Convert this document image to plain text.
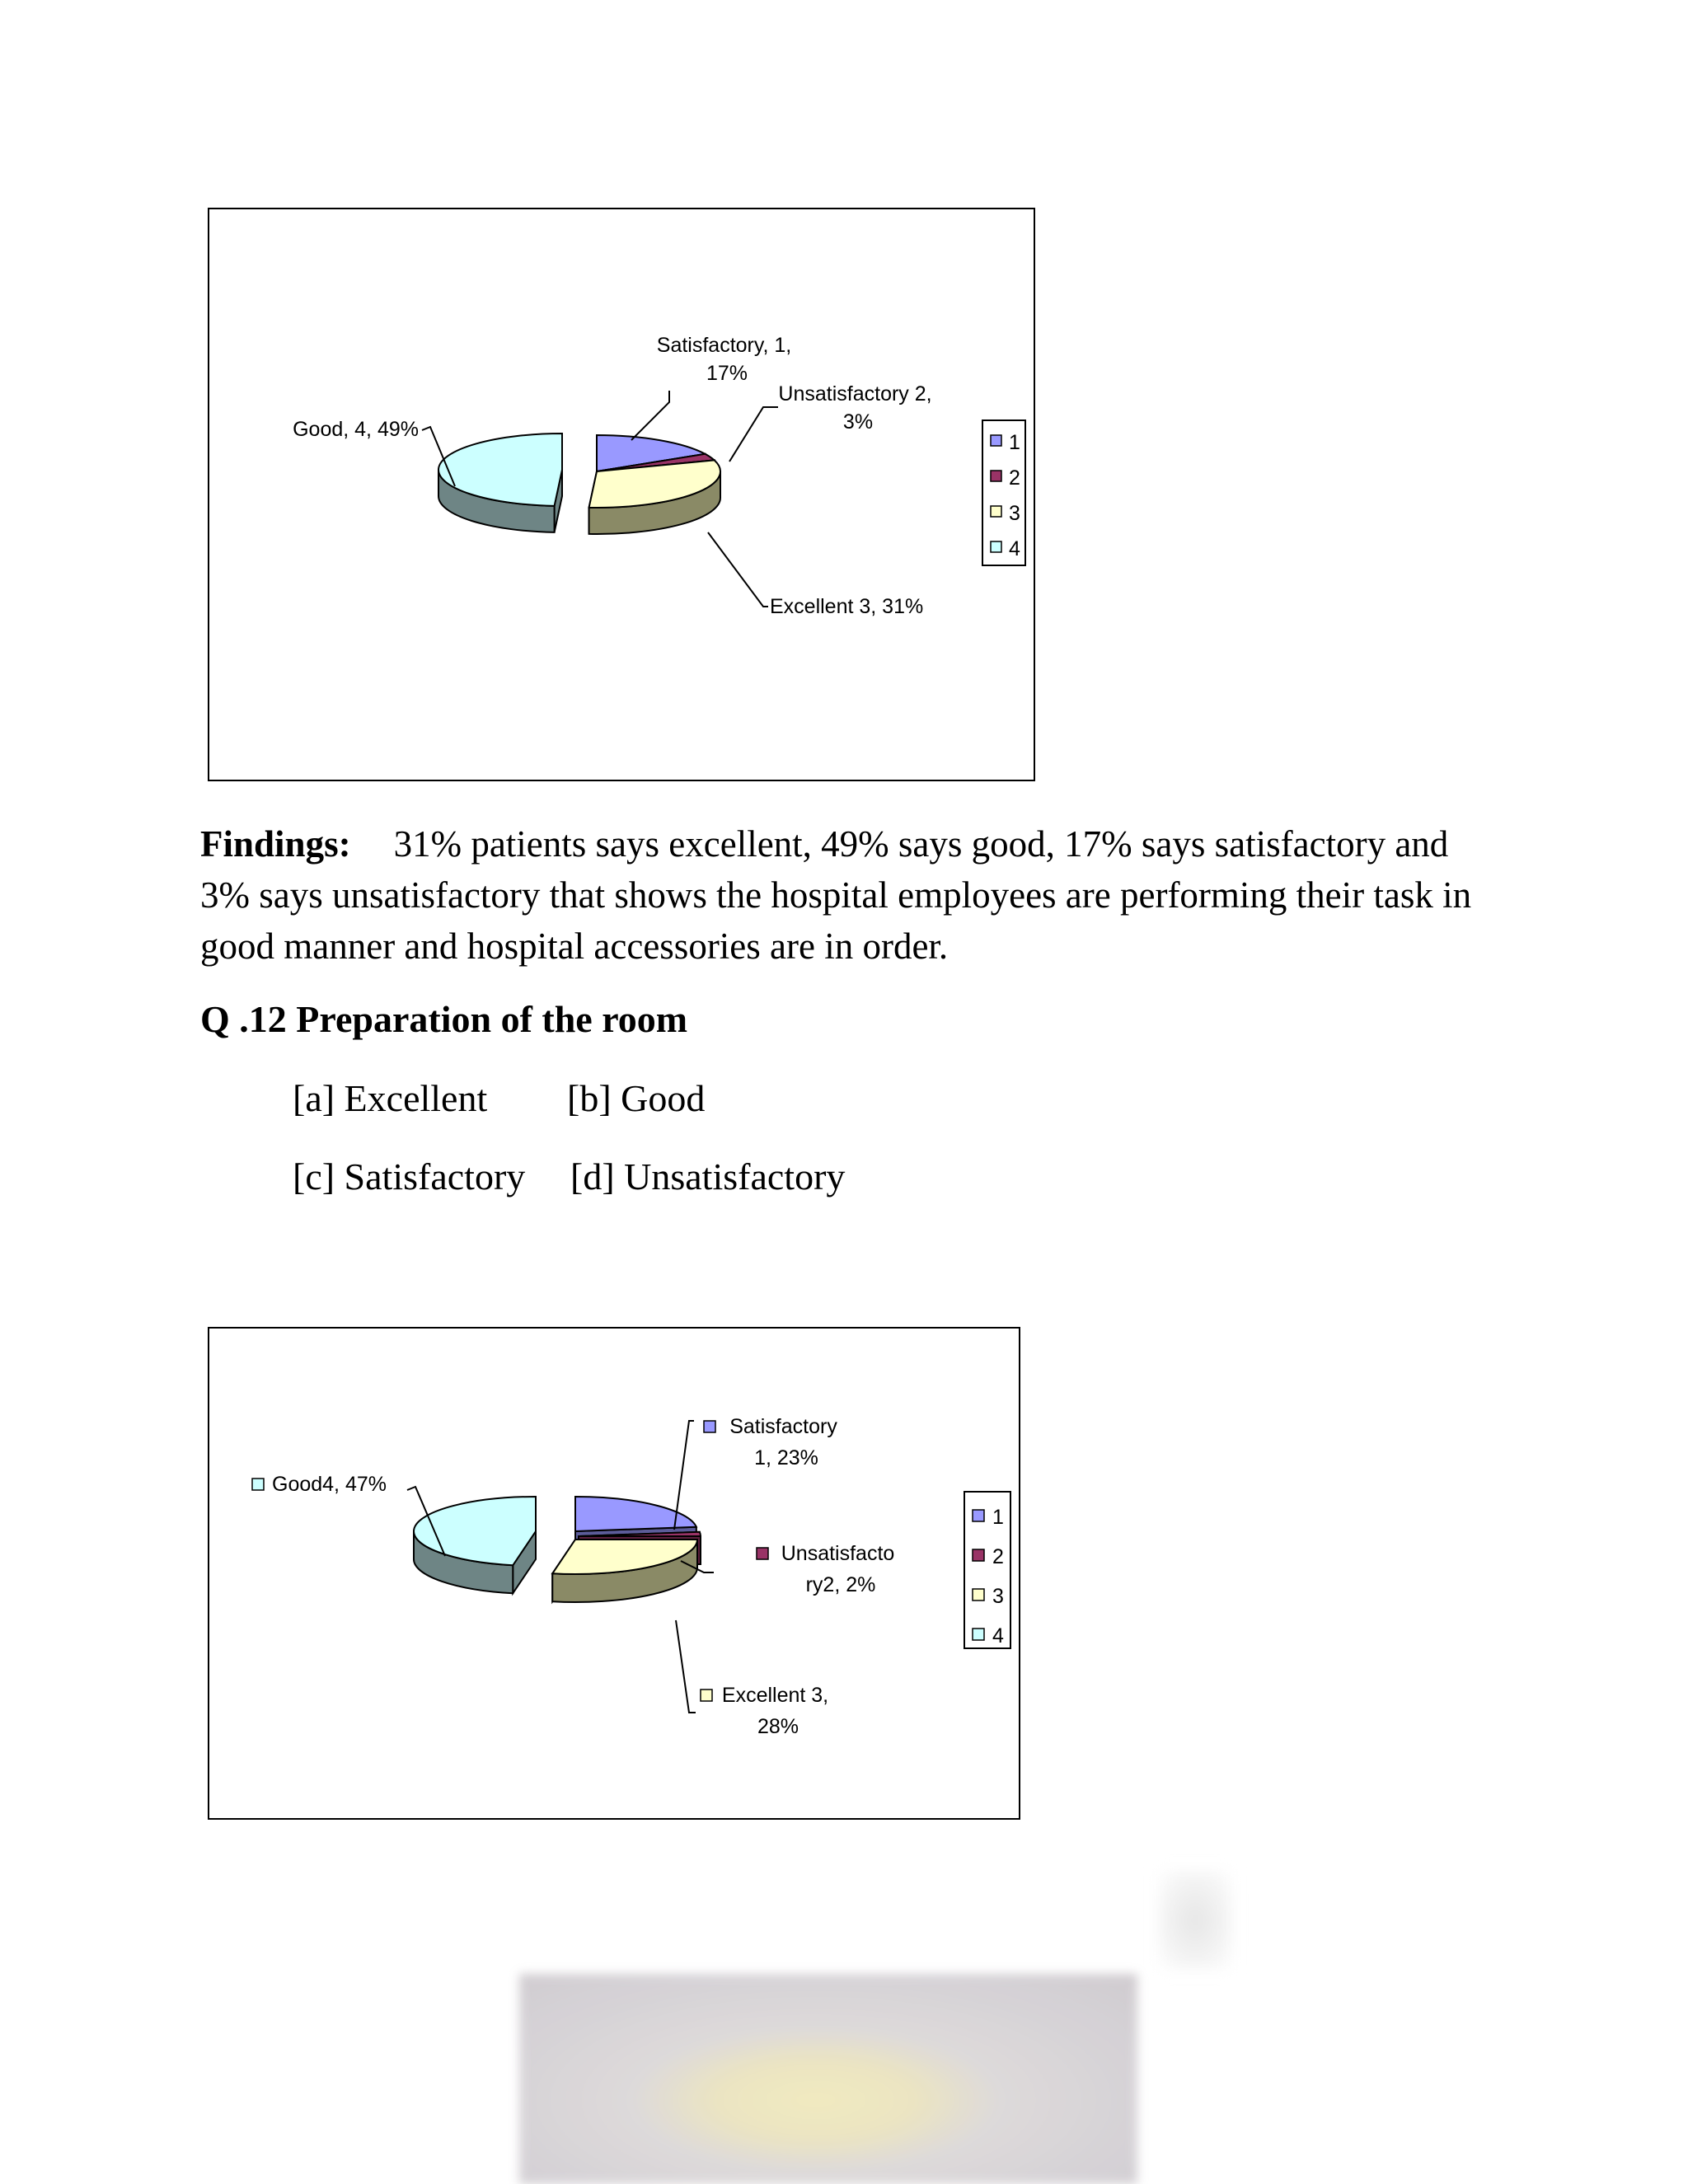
Satisfactory, 1, 17%
Unsatisfactory 2, 3%
Excellent 3, 31%
Good, 4, 49%
1
2
3
4

Findings: 31% patients says excellent, 49% says good, 17% says satisfactory and 3% says unsatisfactory that shows the hospital employees are performing their task in good manner and hospital accessories are in order.

Q .12 Preparation of the room
[a] Excellent [b] Good
[c] Satisfactory [d] Unsatisfactory
Satisfactory 1, 23%
Unsatisfacto ry2, 2%
Excellent 3, 28%
Good4, 47%
1
2
3
4
